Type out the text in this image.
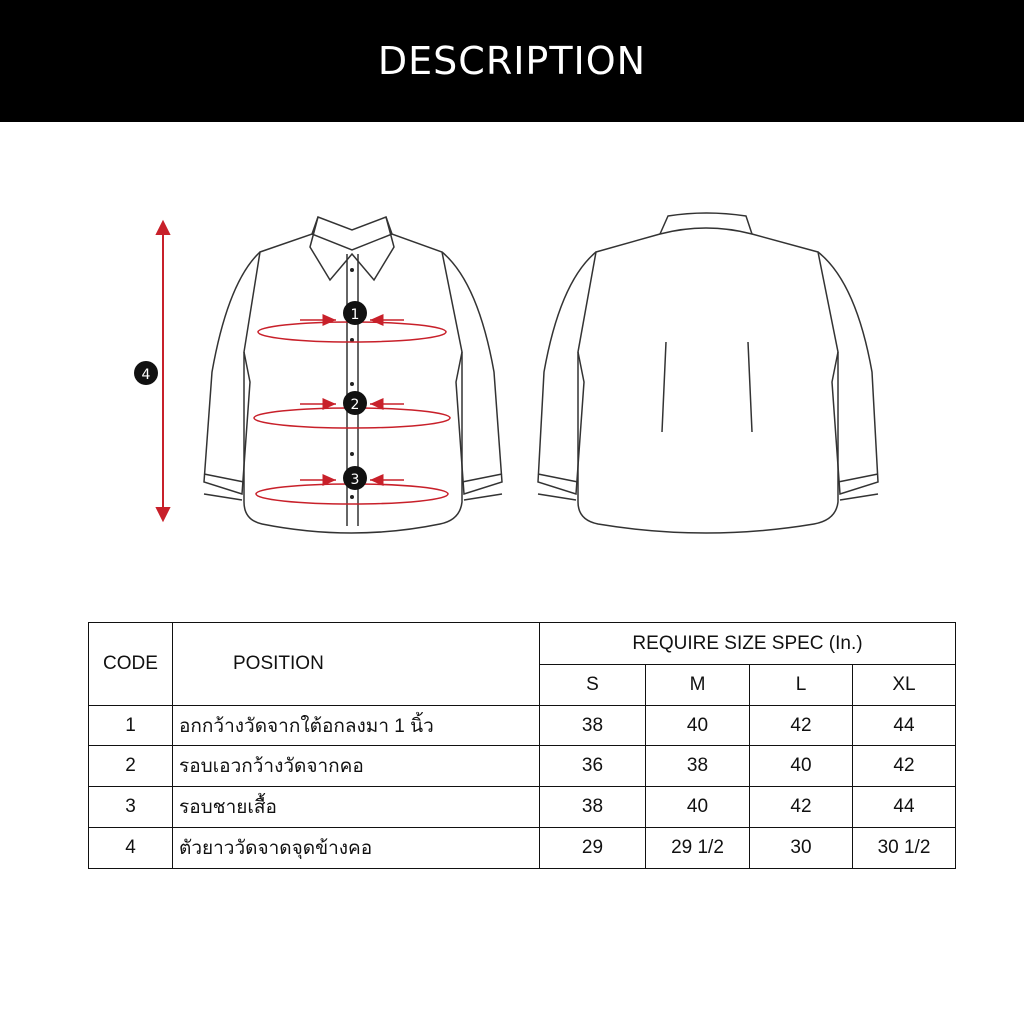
DESCRIPTION
1
2
3
4
CODE	POSITION	REQUIRE SIZE SPEC (In.)			
		S	M	L	XL
1	อกกว้างวัดจากใต้อกลงมา 1 นิ้ว	38	40	42	44
2	รอบเอวกว้างวัดจากคอ	36	38	40	42
3	รอบชายเสื้อ	38	40	42	44
4	ตัวยาววัดจาดจุดข้างคอ	29	29 1/2	30	30 1/2
